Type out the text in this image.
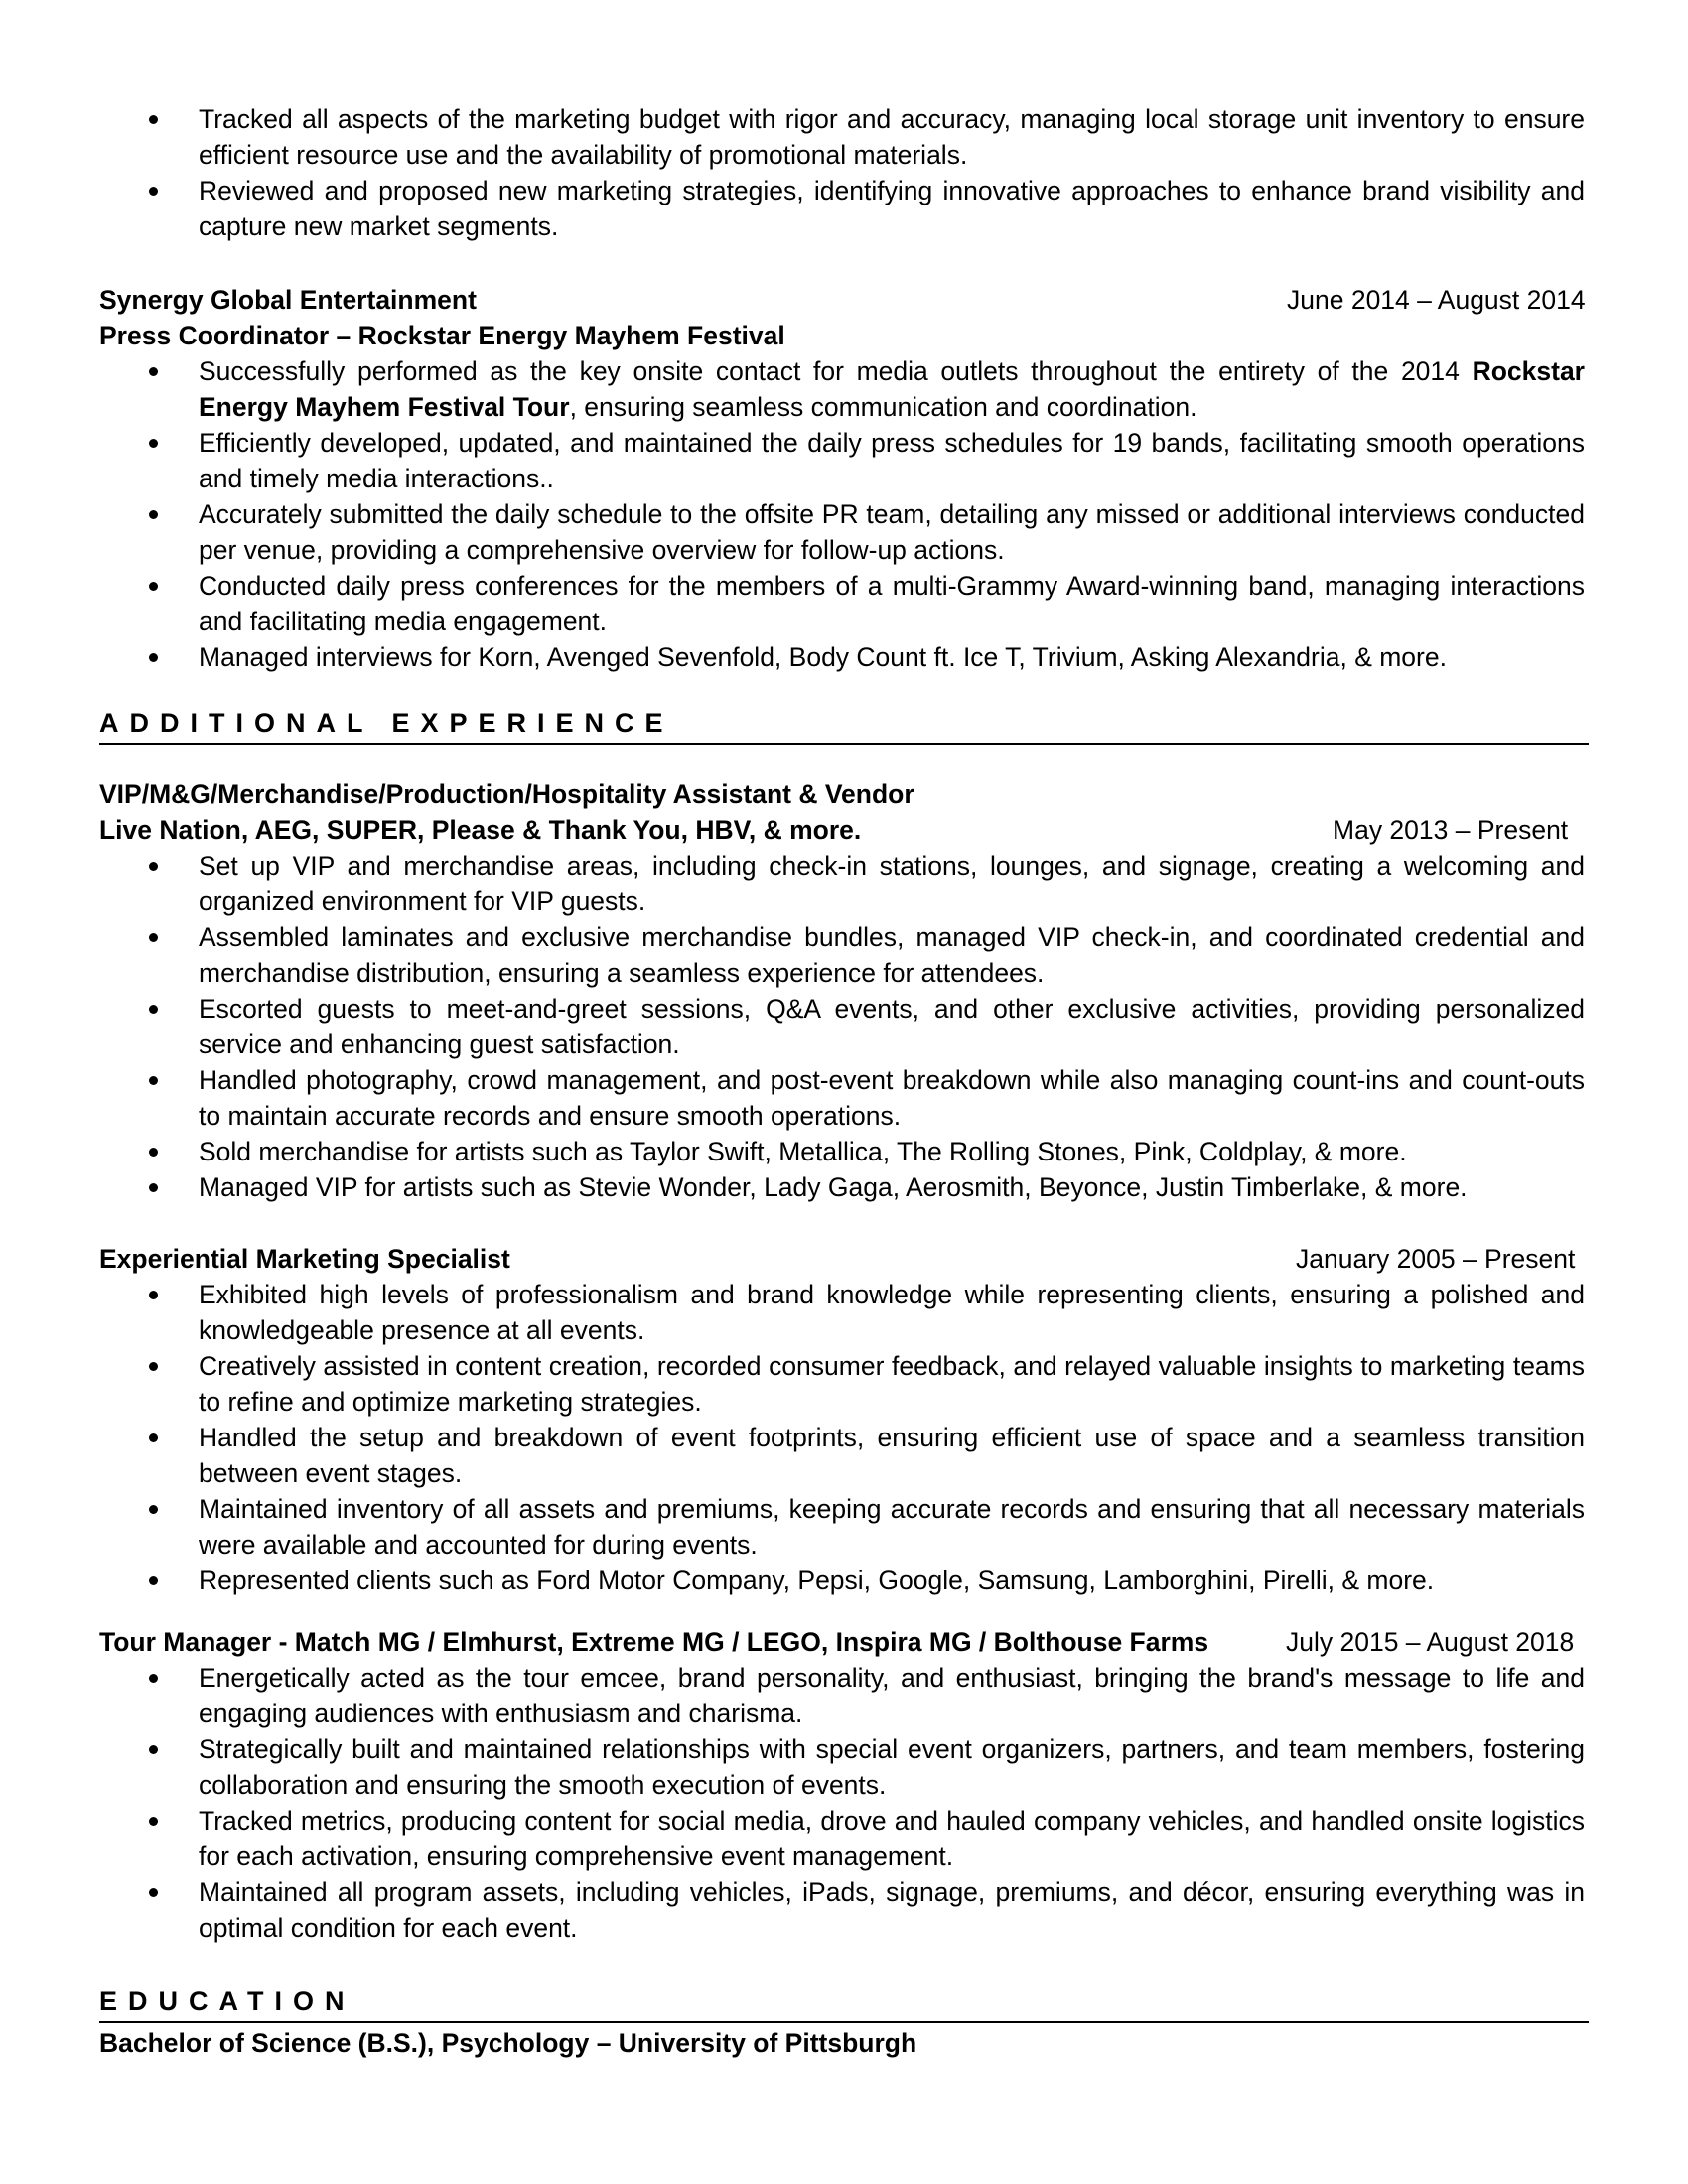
Tracked all aspects of the marketing budget with rigor and accuracy, managing local storage unit inventory to ensure efficient resource use and the availability of promotional materials.
Reviewed and proposed new marketing strategies, identifying innovative approaches to enhance brand visibility and capture new market segments.
Synergy Global Entertainment	June 2014 – August 2014
Press Coordinator – Rockstar Energy Mayhem Festival
Successfully performed as the key onsite contact for media outlets throughout the entirety of the 2014 Rockstar Energy Mayhem Festival Tour, ensuring seamless communication and coordination.
Efficiently developed, updated, and maintained the daily press schedules for 19 bands, facilitating smooth operations and timely media interactions..
Accurately submitted the daily schedule to the offsite PR team, detailing any missed or additional interviews conducted per venue, providing a comprehensive overview for follow-up actions.
Conducted daily press conferences for the members of a multi-Grammy Award-winning band, managing interactions and facilitating media engagement.
Managed interviews for Korn, Avenged Sevenfold, Body Count ft. Ice T, Trivium, Asking Alexandria, & more.
ADDITIONAL EXPERIENCE
VIP/M&G/Merchandise/Production/Hospitality Assistant & Vendor
Live Nation, AEG, SUPER, Please & Thank You, HBV, & more.	May 2013 – Present
Set up VIP and merchandise areas, including check-in stations, lounges, and signage, creating a welcoming and organized environment for VIP guests.
Assembled laminates and exclusive merchandise bundles, managed VIP check-in, and coordinated credential and merchandise distribution, ensuring a seamless experience for attendees.
Escorted guests to meet-and-greet sessions, Q&A events, and other exclusive activities, providing personalized service and enhancing guest satisfaction.
Handled photography, crowd management, and post-event breakdown while also managing count-ins and count-outs to maintain accurate records and ensure smooth operations.
Sold merchandise for artists such as Taylor Swift, Metallica, The Rolling Stones, Pink, Coldplay, & more.
Managed VIP for artists such as Stevie Wonder, Lady Gaga, Aerosmith, Beyonce, Justin Timberlake, & more.
Experiential Marketing Specialist	January 2005 – Present
Exhibited high levels of professionalism and brand knowledge while representing clients, ensuring a polished and knowledgeable presence at all events.
Creatively assisted in content creation, recorded consumer feedback, and relayed valuable insights to marketing teams to refine and optimize marketing strategies.
Handled the setup and breakdown of event footprints, ensuring efficient use of space and a seamless transition between event stages.
Maintained inventory of all assets and premiums, keeping accurate records and ensuring that all necessary materials were available and accounted for during events.
Represented clients such as Ford Motor Company, Pepsi, Google, Samsung, Lamborghini, Pirelli, & more.
Tour Manager - Match MG / Elmhurst, Extreme MG / LEGO, Inspira MG / Bolthouse Farms	July 2015 – August 2018
Energetically acted as the tour emcee, brand personality, and enthusiast, bringing the brand's message to life and engaging audiences with enthusiasm and charisma.
Strategically built and maintained relationships with special event organizers, partners, and team members, fostering collaboration and ensuring the smooth execution of events.
Tracked metrics, producing content for social media, drove and hauled company vehicles, and handled onsite logistics for each activation, ensuring comprehensive event management.
Maintained all program assets, including vehicles, iPads, signage, premiums, and décor, ensuring everything was in optimal condition for each event.
EDUCATION
Bachelor of Science (B.S.), Psychology – University of Pittsburgh
